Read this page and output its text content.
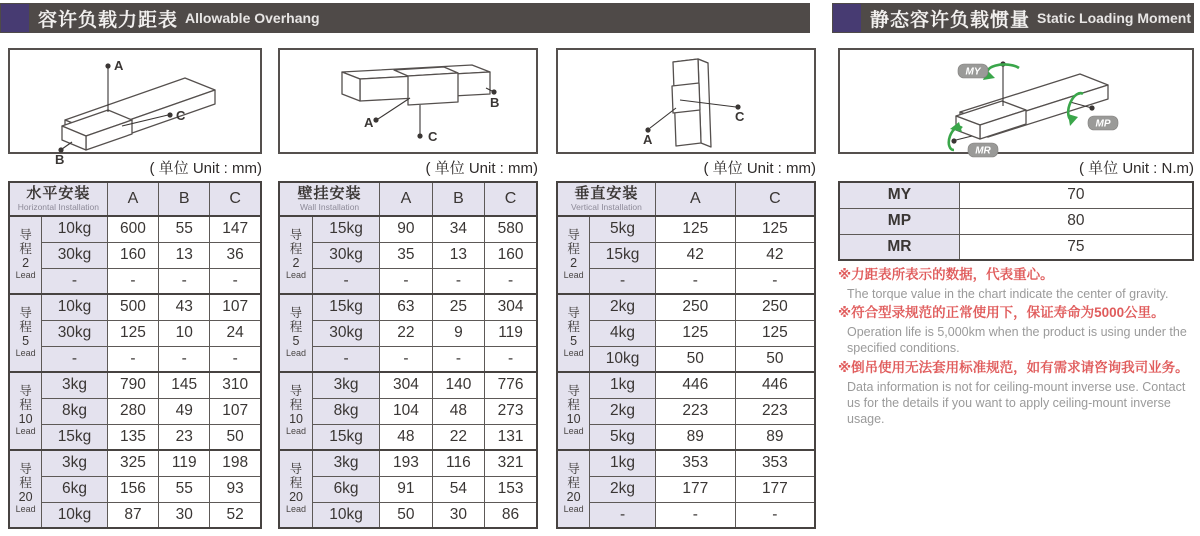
容许负载力距表 Allowable Overhang	静态容许负载惯量 Static Loading Moment
A
C
B
( 单位 Unit : mm)
水平安装
Horizontal Installation		A	B	C

导
程
2
Lead	10kg	600	55	147
	30kg	160	13	36
	-	-	-	-

导
程
5
Lead	10kg	500	43	107
	30kg	125	10	24
	-	-	-	-

导
程
10
Lead	3kg	790	145	310
	8kg	280	49	107
	15kg	135	23	50

导
程
20
Lead	3kg	325	119	198
	6kg	156	55	93
	10kg	87	30	52
A
C
B
( 单位 Unit : mm)
壁挂安装
Wall Installation		A	B	C

导
程
2
Lead	15kg	90	34	580
	30kg	35	13	160
	-	-	-	-

导
程
5
Lead	15kg	63	25	304
	30kg	22	9	119
	-	-	-	-

导
程
10
Lead	3kg	304	140	776
	8kg	104	48	273
	15kg	48	22	131

导
程
20
Lead	3kg	193	116	321
	6kg	91	54	153
	10kg	50	30	86
A
C
( 单位 Unit : mm)
垂直安装
Vertical Installation		A	C

导
程
2
Lead	5kg	125	125
	15kg	42	42
	-	-	-

导
程
5
Lead	2kg	250	250
	4kg	125	125
	10kg	50	50

导
程
10
Lead	1kg	446	446
	2kg	223	223
	5kg	89	89

导
程
20
Lead	1kg	353	353
	2kg	177	177
	-	-	-
MY
MP
MR
( 单位 Unit : N.m)
MY	70
MP	80
MR	75
※力距表所表示的数据，代表重心。
The torque value in the chart indicate the center of gravity.
※符合型录规范的正常使用下，保证寿命为5000公里。
Operation life is 5,000km when the product is using under the specified conditions.
※倒吊使用无法套用标准规范，如有需求请咨询我司业务。
Data information is not for ceiling-mount inverse use. Contact us for the details if you want to apply ceiling-mount inverse usage.
